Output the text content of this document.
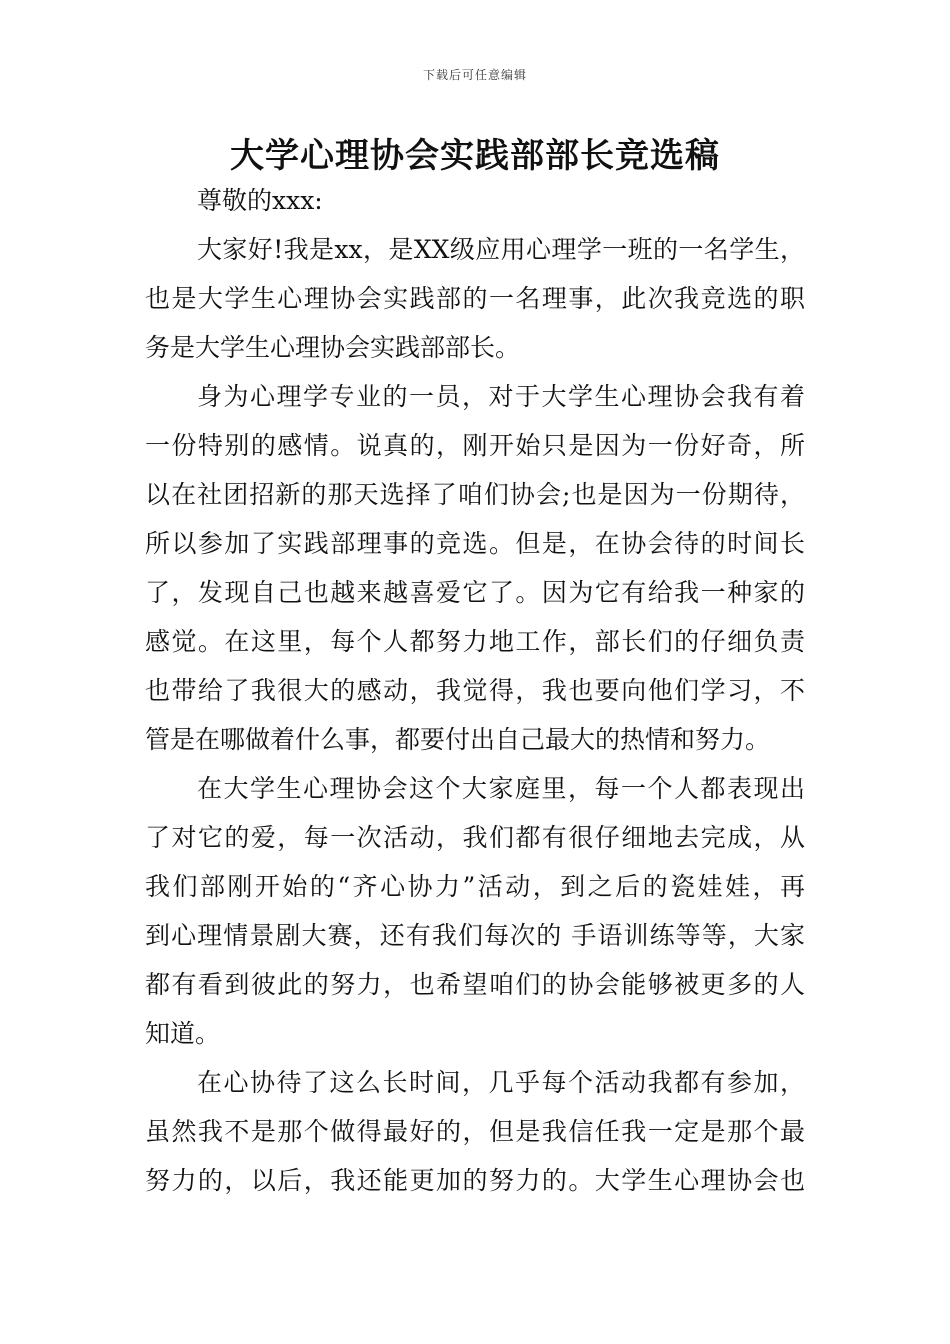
下载后可任意编辑
大学心理协会实践部部长竞选稿
尊敬的xxx:
大家好!我是xx，是XX级应用心理学一班的一名学生，
也是大学生心理协会实践部的一名理事，此次我竞选的职
务是大学生心理协会实践部部长。
身为心理学专业的一员，对于大学生心理协会我有着
一份特别的感情。说真的，刚开始只是因为一份好奇，所
以在社团招新的那天选择了咱们协会;也是因为一份期待，
所以参加了实践部理事的竞选。但是，在协会待的时间长
了，发现自己也越来越喜爱它了。因为它有给我一种家的
感觉。在这里，每个人都努力地工作，部长们的仔细负责
也带给了我很大的感动，我觉得，我也要向他们学习，不
管是在哪做着什么事，都要付出自己最大的热情和努力。
在大学生心理协会这个大家庭里，每一个人都表现出
了对它的爱，每一次活动，我们都有很仔细地去完成，从
我们部刚开始的“齐心协力”活动，到之后的瓷娃娃，再
到心理情景剧大赛，还有我们每次的 手语训练等等，大家
都有看到彼此的努力，也希望咱们的协会能够被更多的人
知道。
在心协待了这么长时间，几乎每个活动我都有参加，
虽然我不是那个做得最好的，但是我信任我一定是那个最
努力的，以后，我还能更加的努力的。大学生心理协会也
